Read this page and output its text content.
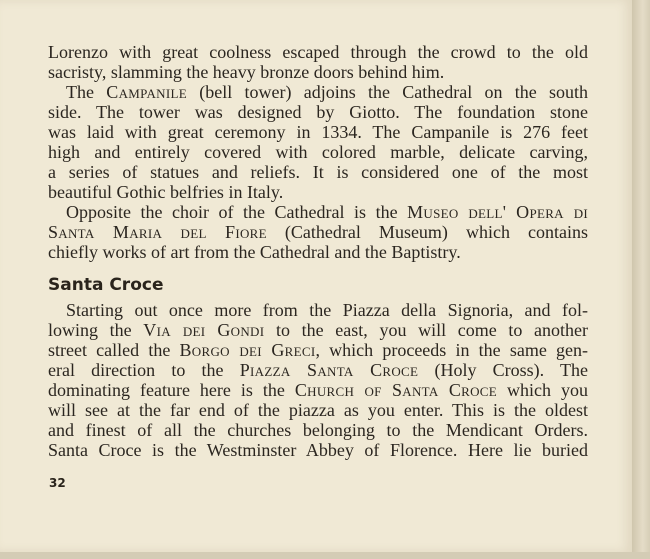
Lorenzo with great coolness escaped through the crowd to the old
sacristy, slamming the heavy bronze doors behind him.
The Campanile (bell tower) adjoins the Cathedral on the south
side. The tower was designed by Giotto. The foundation stone
was laid with great ceremony in 1334. The Campanile is 276 feet
high and entirely covered with colored marble, delicate carving,
a series of statues and reliefs. It is considered one of the most
beautiful Gothic belfries in Italy.
Opposite the choir of the Cathedral is the Museo dell' Opera di
Santa Maria del Fiore (Cathedral Museum) which contains
chiefly works of art from the Cathedral and the Baptistry.
Santa Croce
Starting out once more from the Piazza della Signoria, and fol-
lowing the Via dei Gondi to the east, you will come to another
street called the Borgo dei Greci, which proceeds in the same gen-
eral direction to the Piazza Santa Croce (Holy Cross). The
dominating feature here is the Church of Santa Croce which you
will see at the far end of the piazza as you enter. This is the oldest
and finest of all the churches belonging to the Mendicant Orders.
Santa Croce is the Westminster Abbey of Florence. Here lie buried
32
